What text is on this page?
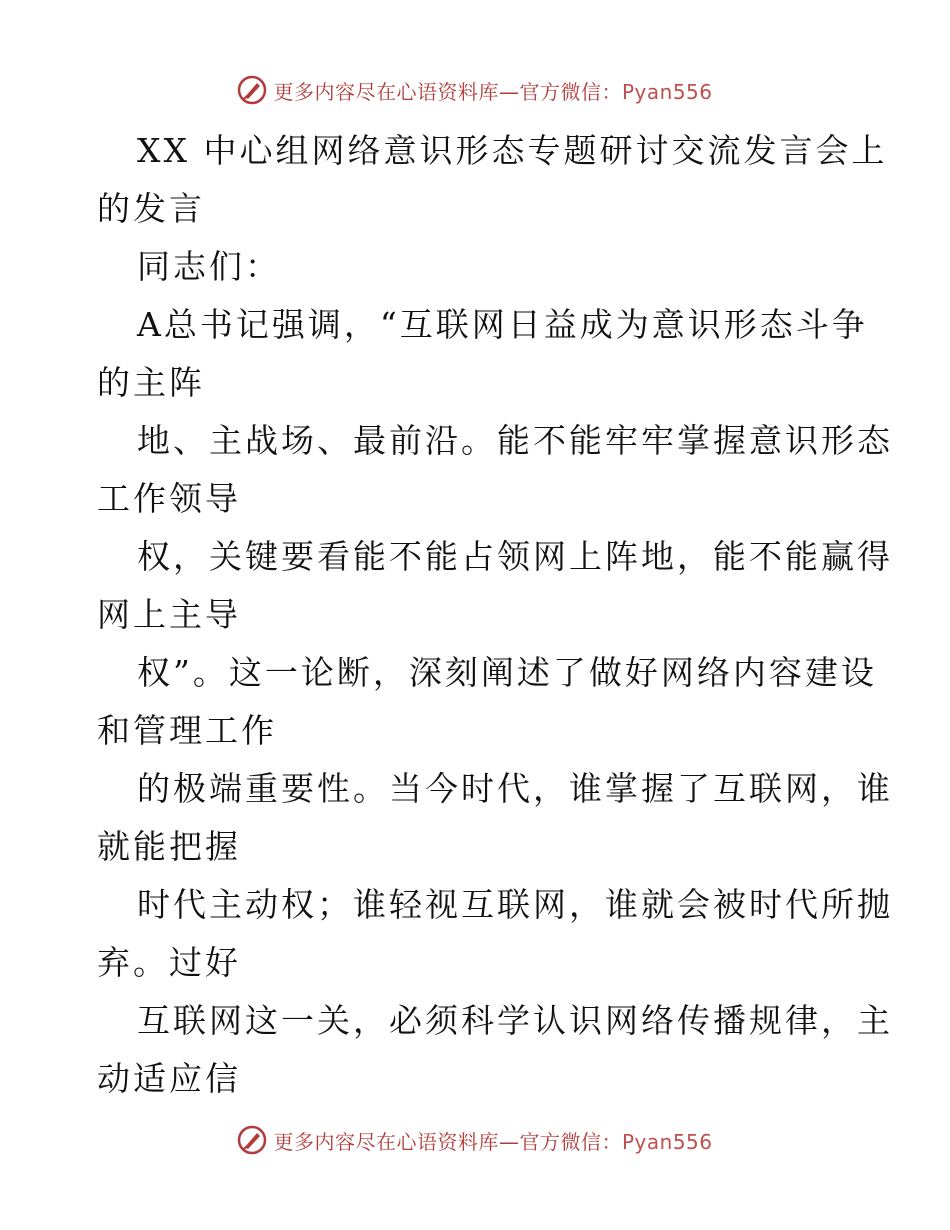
更多内容尽在心语资料库—官方微信：Pyan556
XX 中心组网络意识形态专题研讨交流发言会上
的发言
同志们：
A总书记强调，“互联网日益成为意识形态斗争
的主阵
地、主战场、最前沿。能不能牢牢掌握意识形态
工作领导
权，关键要看能不能占领网上阵地，能不能赢得
网上主导
权”。这一论断，深刻阐述了做好网络内容建设
和管理工作
的极端重要性。当今时代，谁掌握了互联网，谁
就能把握
时代主动权；谁轻视互联网，谁就会被时代所抛
弃。过好
互联网这一关，必须科学认识网络传播规律，主
动适应信
更多内容尽在心语资料库—官方微信：Pyan556
